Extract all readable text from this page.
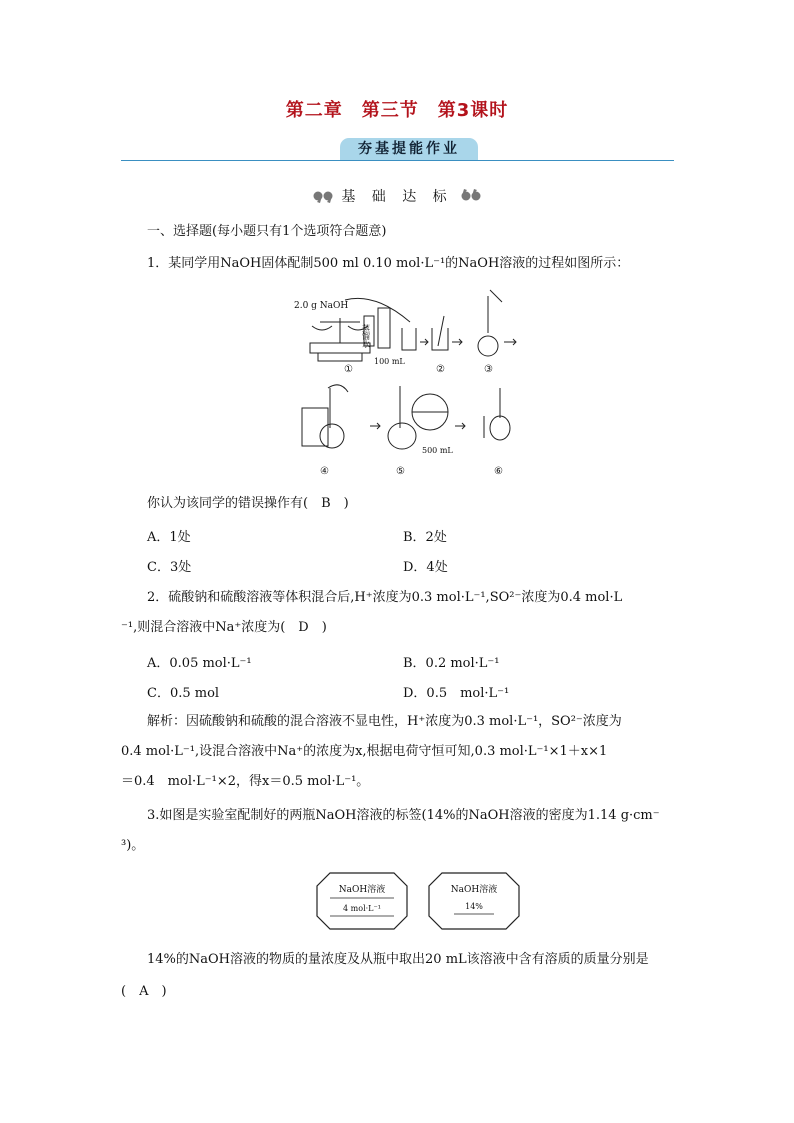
第二章　第三节　第3课时
夯基提能作业
基 础 达 标
一、选择题(每小题只有1个选项符合题意)
1．某同学用NaOH固体配制500 ml 0.10 mol·L⁻¹的NaOH溶液的过程如图所示：
2.0 g NaOH
蒸馏水
100 mL
500 mL
①	②	③
④	⑤	⑥
你认为该同学的错误操作有(　B　)
A．1处	B．2处
C．3处	D．4处
2．硫酸钠和硫酸溶液等体积混合后,H⁺浓度为0.3 mol·L⁻¹,SO²⁻浓度为0.4 mol·L
⁻¹,则混合溶液中Na⁺浓度为(　D　)
A．0.05 mol·L⁻¹	B．0.2 mol·L⁻¹
C．0.5 mol	D．0.5　mol·L⁻¹
解析：因硫酸钠和硫酸的混合溶液不显电性，H⁺浓度为0.3 mol·L⁻¹，SO²⁻浓度为
0.4 mol·L⁻¹,设混合溶液中Na⁺的浓度为x,根据电荷守恒可知,0.3 mol·L⁻¹×1＋x×1
＝0.4　mol·L⁻¹×2，得x＝0.5 mol·L⁻¹。
3.如图是实验室配制好的两瓶NaOH溶液的标签(14%的NaOH溶液的密度为1.14 g·cm⁻
³)。
NaOH溶液
4 mol·L⁻¹
NaOH溶液
14%
14%的NaOH溶液的物质的量浓度及从瓶中取出20 mL该溶液中含有溶质的质量分别是
(　A　)
